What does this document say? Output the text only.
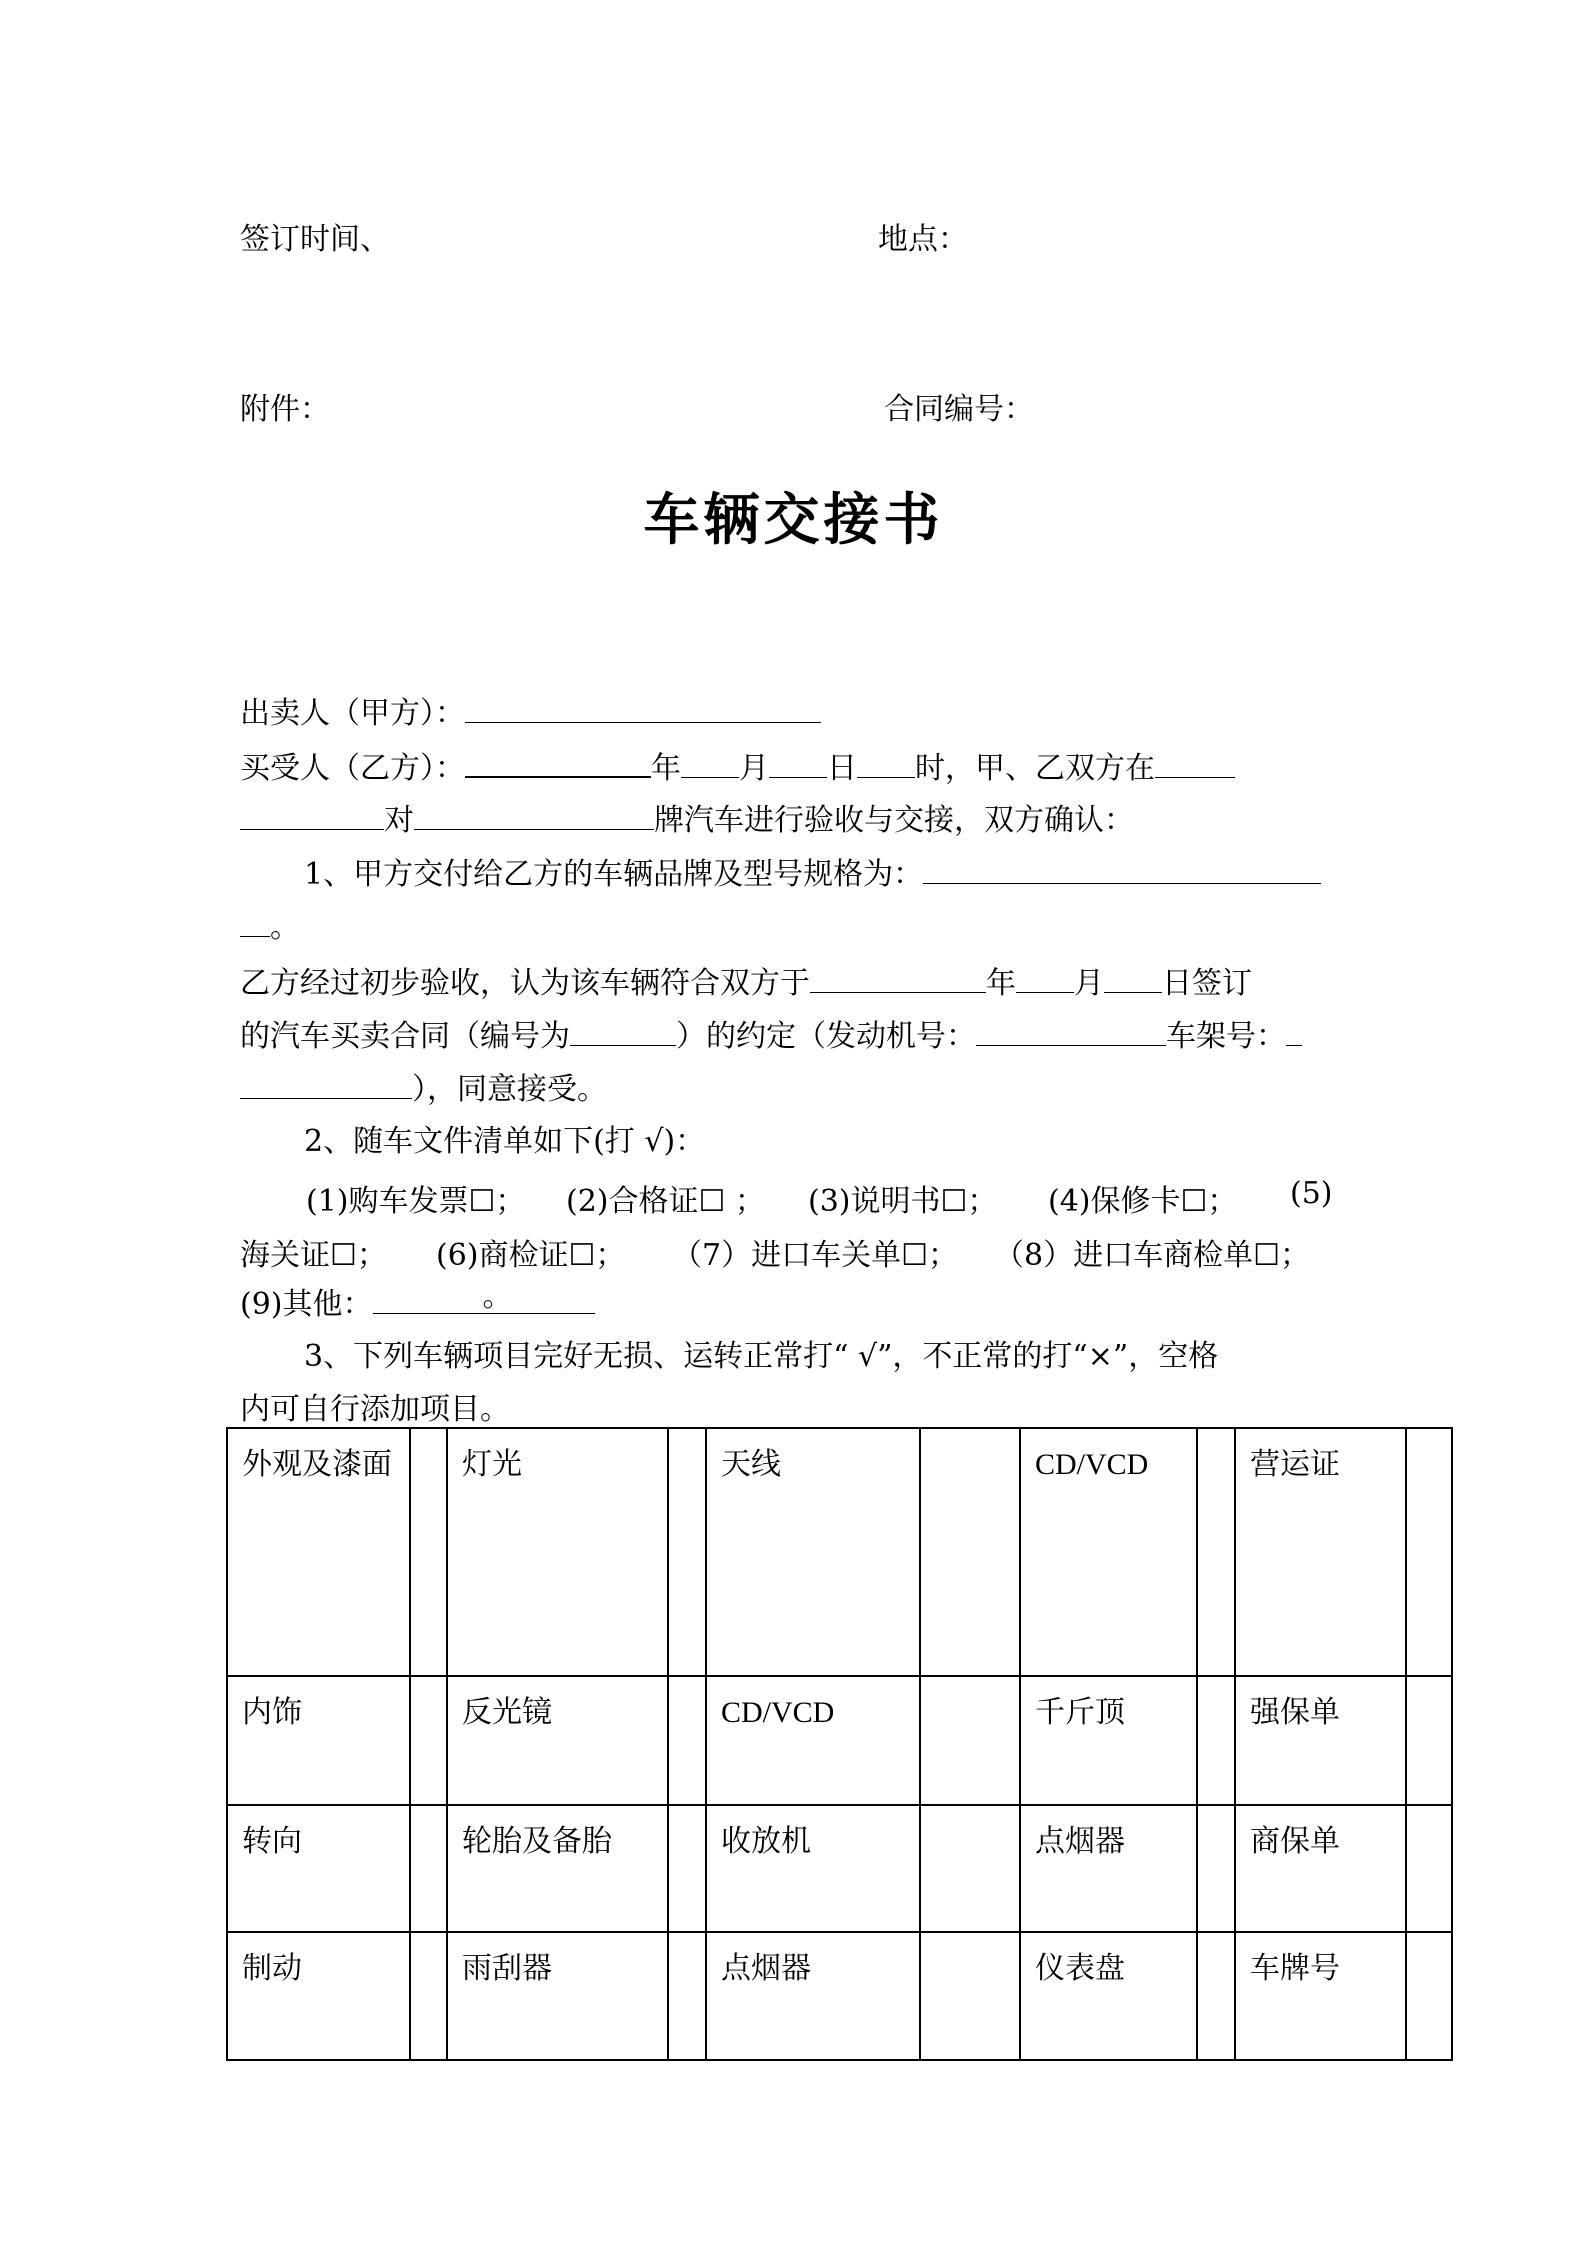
签订时间、	地点：
附件：	合同编号：
车辆交接书
出卖人（甲方）：
买受人（乙方）：	年 月 日 时，甲、乙双方在
对	牌汽车进行验收与交接，双方确认：
1、甲方交付给乙方的车辆品牌及型号规格为：
。
乙方经过初步验收，认为该车辆符合双方于	年 月 日签订
的汽车买卖合同（编号为	）的约定（发动机号：	车架号：
），同意接受。
2、随车文件清单如下(打 √)：
(1)购车发票☐； (2)合格证☐ ； (3)说明书☐； (4)保修卡☐； (5)
海关证☐； (6)商检证☐； （7）进口车关单☐； （8）进口车商检单☐；
(9)其他：	。
3、下列车辆项目完好无损、运转正常打“ √”，不正常的打“×”，空格
内可自行添加项目。
外观及漆面		灯光		天线		CD/VCD		营运证	
内饰		反光镜		CD/VCD		千斤顶		强保单	
转向		轮胎及备胎		收放机		点烟器		商保单	
制动		雨刮器		点烟器		仪表盘		车牌号	
